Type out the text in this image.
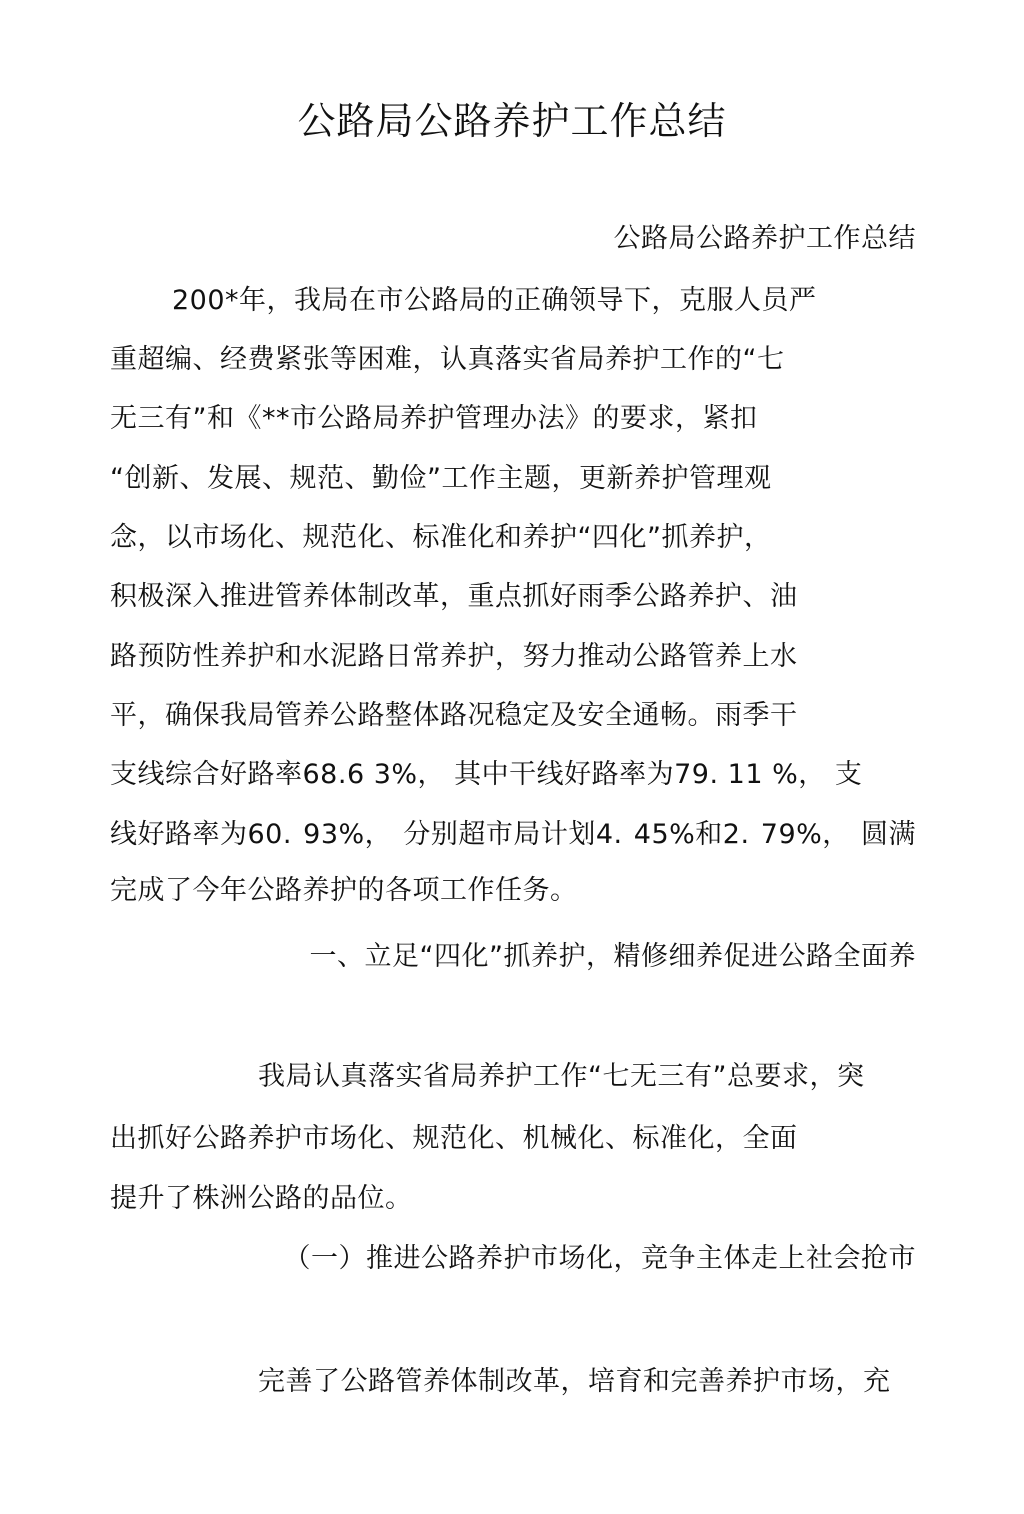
公路局公路养护工作总结
公路局公路养护工作总结
200*年，我局在市公路局的正确领导下，克服人员严
重超编、经费紧张等困难，认真落实省局养护工作的“七
无三有”和《**市公路局养护管理办法》的要求，紧扣
“创新、发展、规范、勤俭”工作主题，更新养护管理观
念，以市场化、规范化、标准化和养护“四化”抓养护，
积极深入推进管养体制改革，重点抓好雨季公路养护、油
路预防性养护和水泥路日常养护，努力推动公路管养上水
平，确保我局管养公路整体路况稳定及安全通畅。雨季干
支线综合好路率68.6 3%， 其中干线好路率为79. 11 %， 支
线好路率为60. 93%， 分别超市局计划4. 45%和2. 79%， 圆满
完成了今年公路养护的各项工作任务。
一、立足“四化”抓养护，精修细养促进公路全面养
我局认真落实省局养护工作“七无三有”总要求，突
出抓好公路养护市场化、规范化、机械化、标准化，全面
提升了株洲公路的品位。
（一）推进公路养护市场化，竞争主体走上社会抢市
完善了公路管养体制改革，培育和完善养护市场，充
